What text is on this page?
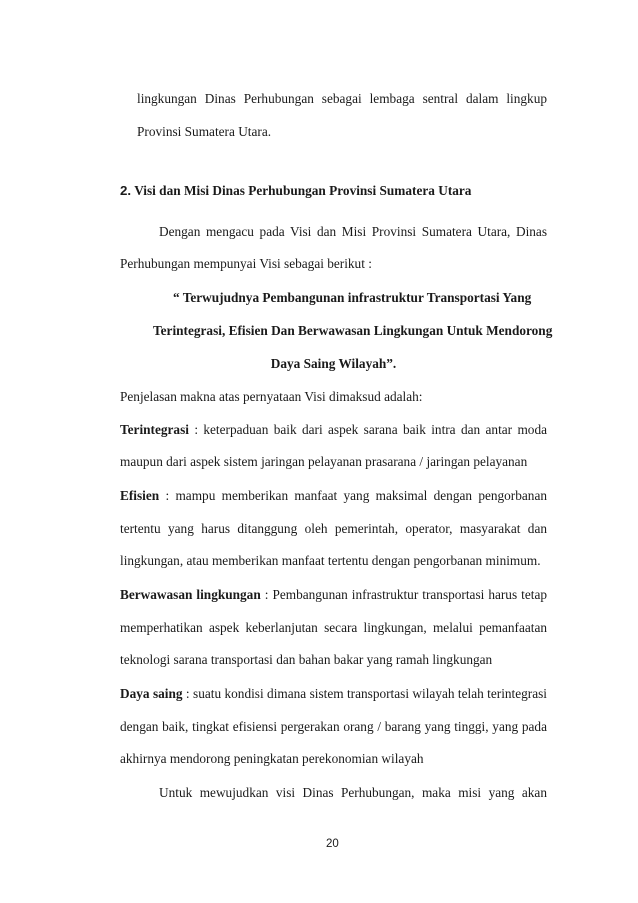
lingkungan Dinas Perhubungan sebagai lembaga sentral dalam lingkup
Provinsi Sumatera Utara.
2. Visi dan Misi Dinas Perhubungan Provinsi Sumatera Utara
Dengan mengacu pada Visi dan Misi Provinsi Sumatera Utara, Dinas
Perhubungan mempunyai Visi sebagai berikut :
“ Terwujudnya Pembangunan infrastruktur Transportasi Yang
Terintegrasi, Efisien Dan Berwawasan Lingkungan Untuk Mendorong
Daya Saing Wilayah”.
Penjelasan makna atas pernyataan Visi dimaksud adalah:
Terintegrasi : keterpaduan baik dari aspek sarana baik intra dan antar moda
maupun dari aspek sistem jaringan pelayanan prasarana / jaringan pelayanan
Efisien : mampu memberikan manfaat yang maksimal dengan pengorbanan
tertentu yang harus ditanggung oleh pemerintah, operator, masyarakat dan
lingkungan, atau memberikan manfaat tertentu dengan pengorbanan minimum.
Berwawasan lingkungan : Pembangunan infrastruktur transportasi harus tetap
memperhatikan aspek keberlanjutan secara lingkungan, melalui pemanfaatan
teknologi sarana transportasi dan bahan bakar yang ramah lingkungan
Daya saing : suatu kondisi dimana sistem transportasi wilayah telah terintegrasi
dengan baik, tingkat efisiensi pergerakan orang / barang yang tinggi, yang pada
akhirnya mendorong peningkatan perekonomian wilayah
Untuk mewujudkan visi Dinas Perhubungan, maka misi yang akan
20
